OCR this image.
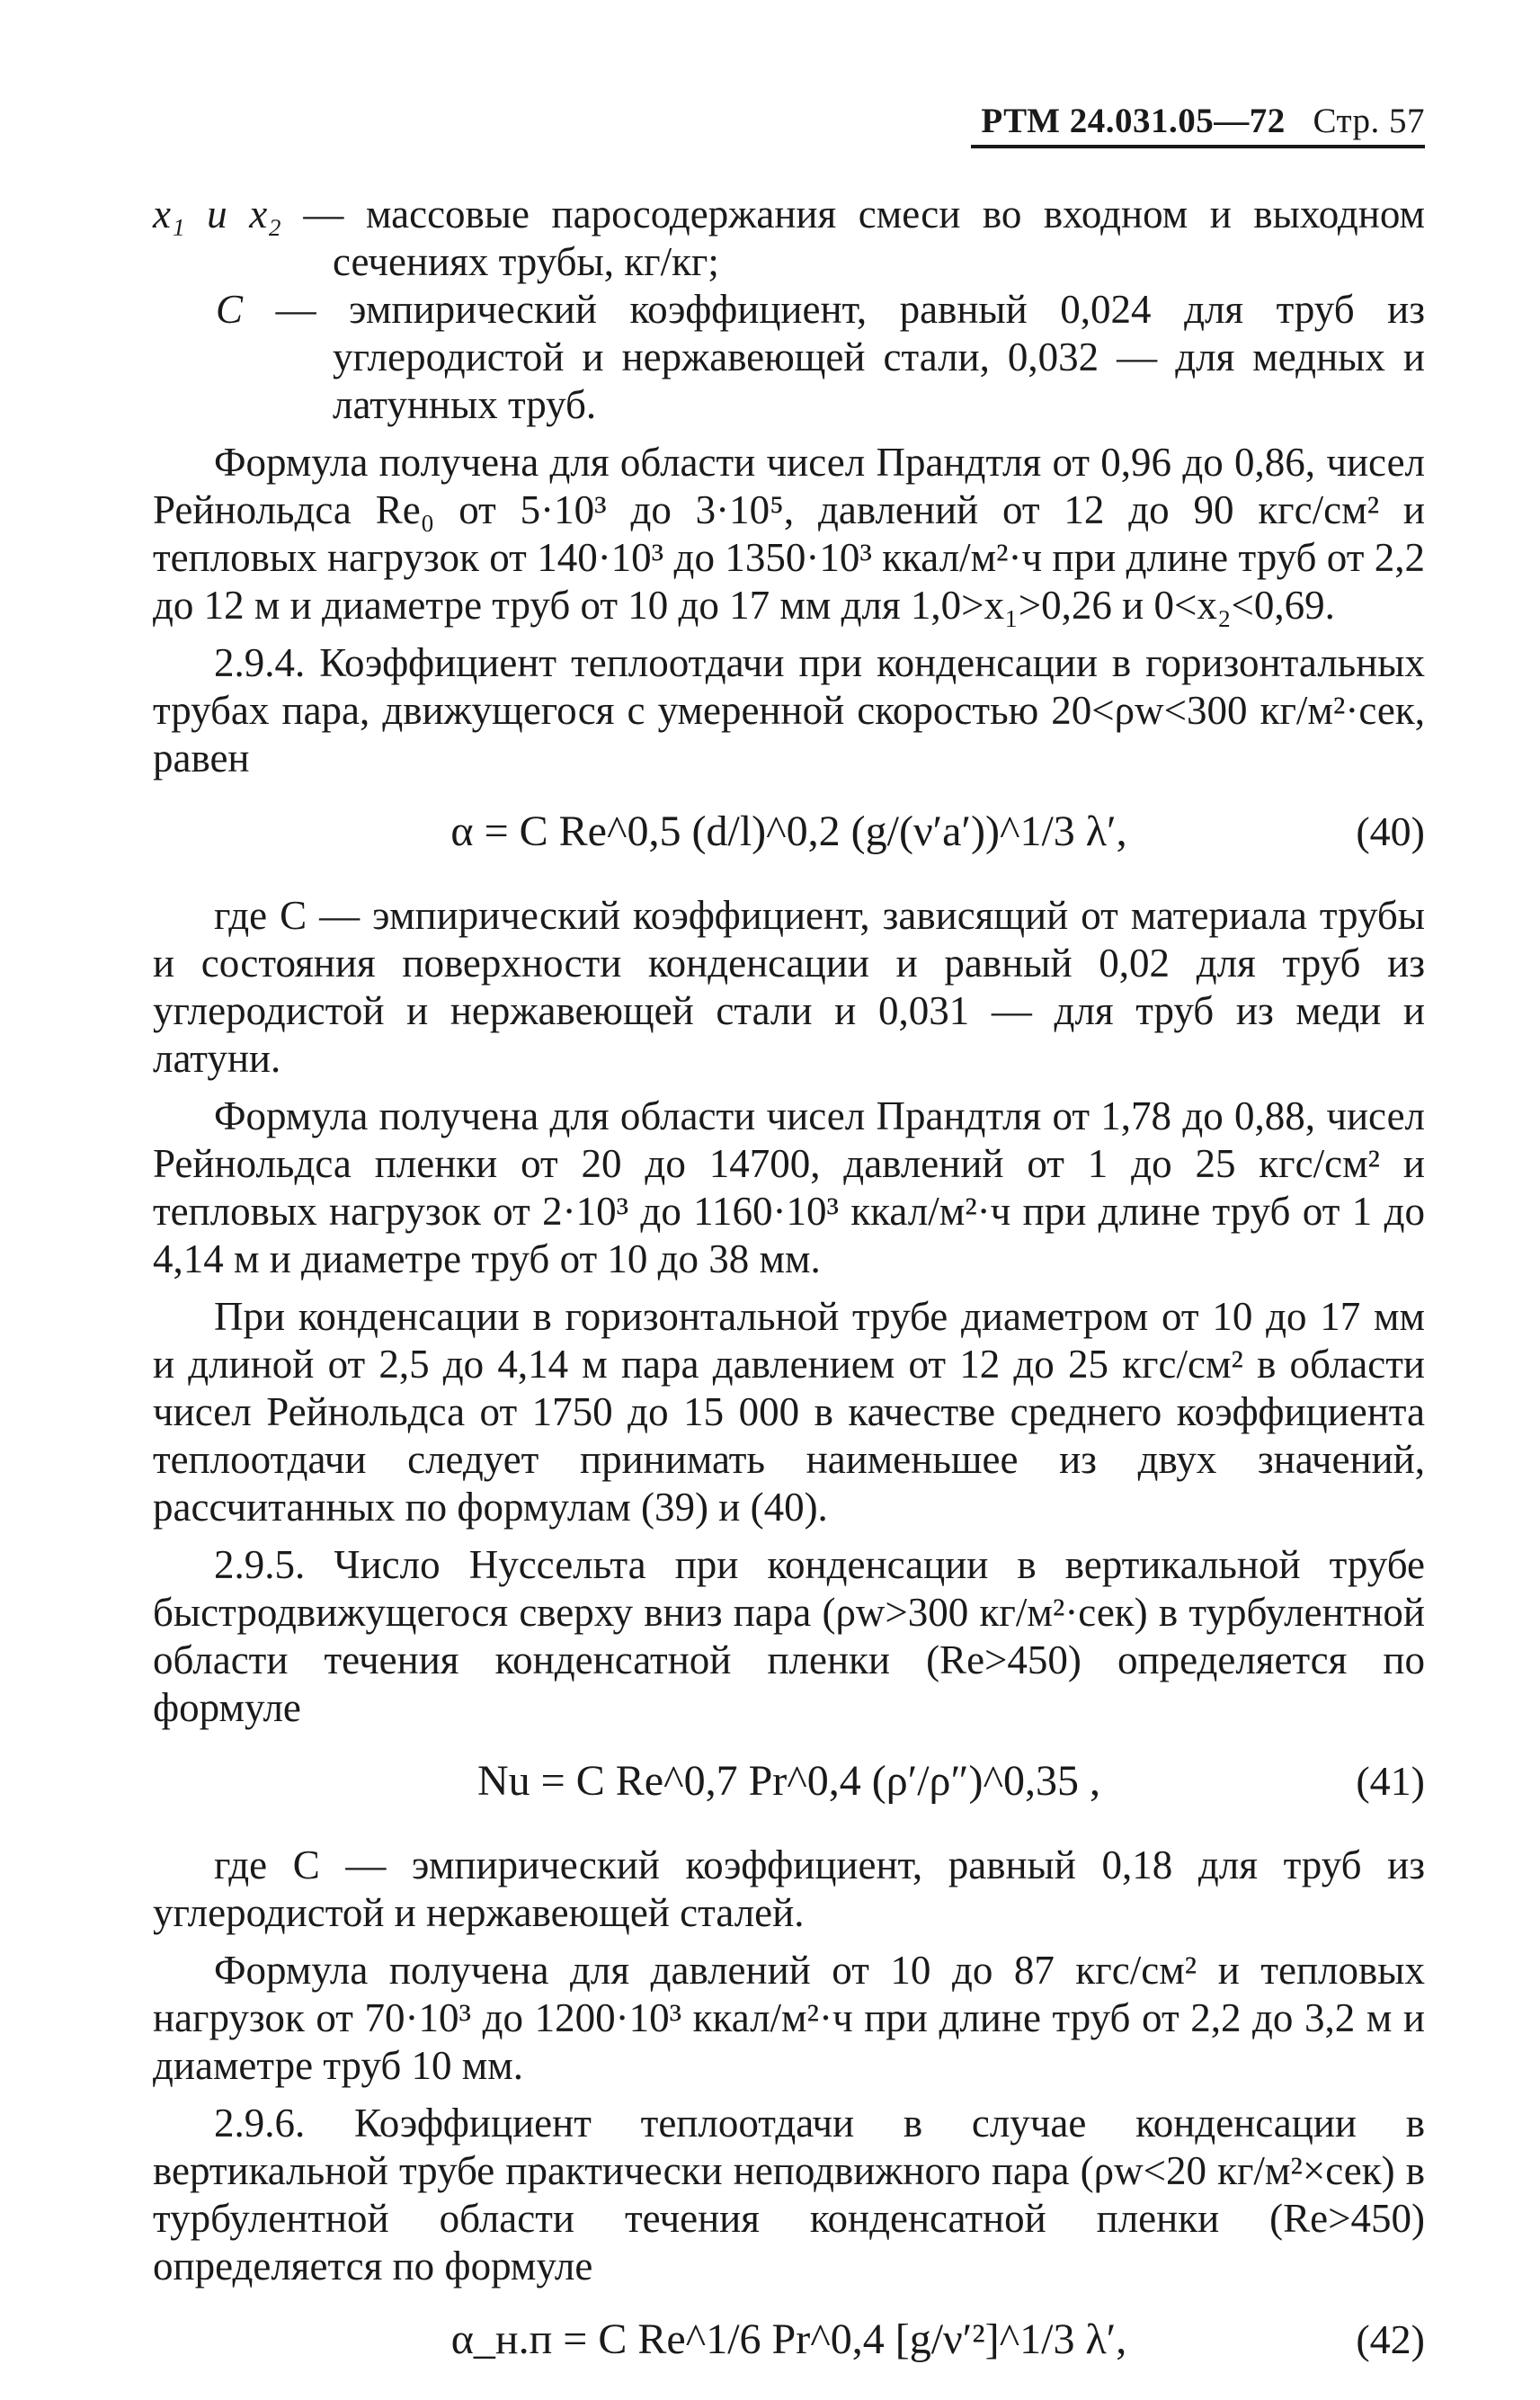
РТМ 24.031.05—72 Стр. 57

x₁ и x₂ — массовые паросодержания смеси во входном и выходном сечениях трубы, кг/кг;

C — эмпирический коэффициент, равный 0,024 для труб из углеродистой и нержавеющей стали, 0,032 — для медных и латунных труб.

Формула получена для области чисел Прандтля от 0,96 до 0,86, чисел Рейнольдса Re₀ от 5·10³ до 3·10⁵, давлений от 12 до 90 кгс/см² и тепловых нагрузок от 140·10³ до 1350·10³ ккал/м²·ч при длине труб от 2,2 до 12 м и диаметре труб от 10 до 17 мм для 1,0>x₁>0,26 и 0<x₂<0,69.

2.9.4. Коэффициент теплоотдачи при конденсации в горизонтальных трубах пара, движущегося с умеренной скоростью 20<ρw<300 кг/м²·сек, равен

α = C Re^0,5 (d/l)^0,2 (g/(ν′a′))^1/3 λ′,	(40)

где C — эмпирический коэффициент, зависящий от материала трубы и состояния поверхности конденсации и равный 0,02 для труб из углеродистой и нержавеющей стали и 0,031 — для труб из меди и латуни.

Формула получена для области чисел Прандтля от 1,78 до 0,88, чисел Рейнольдса пленки от 20 до 14700, давлений от 1 до 25 кгс/см² и тепловых нагрузок от 2·10³ до 1160·10³ ккал/м²·ч при длине труб от 1 до 4,14 м и диаметре труб от 10 до 38 мм.

При конденсации в горизонтальной трубе диаметром от 10 до 17 мм и длиной от 2,5 до 4,14 м пара давлением от 12 до 25 кгс/см² в области чисел Рейнольдса от 1750 до 15 000 в качестве среднего коэффициента теплоотдачи следует принимать наименьшее из двух значений, рассчитанных по формулам (39) и (40).

2.9.5. Число Нуссельта при конденсации в вертикальной трубе быстродвижущегося сверху вниз пара (ρw>300 кг/м²·сек) в турбулентной области течения конденсатной пленки (Re>450) определяется по формуле

Nu = C Re^0,7 Pr^0,4 (ρ′/ρ″)^0,35 ,	(41)

где C — эмпирический коэффициент, равный 0,18 для труб из углеродистой и нержавеющей сталей.

Формула получена для давлений от 10 до 87 кгс/см² и тепловых нагрузок от 70·10³ до 1200·10³ ккал/м²·ч при длине труб от 2,2 до 3,2 м и диаметре труб 10 мм.

2.9.6. Коэффициент теплоотдачи в случае конденсации в вертикальной трубе практически неподвижного пара (ρw<20 кг/м²×сек) в турбулентной области течения конденсатной пленки (Re>450) определяется по формуле

α_н.п = C Re^1/6 Pr^0,4 [g/ν′²]^1/3 λ′,	(42)
